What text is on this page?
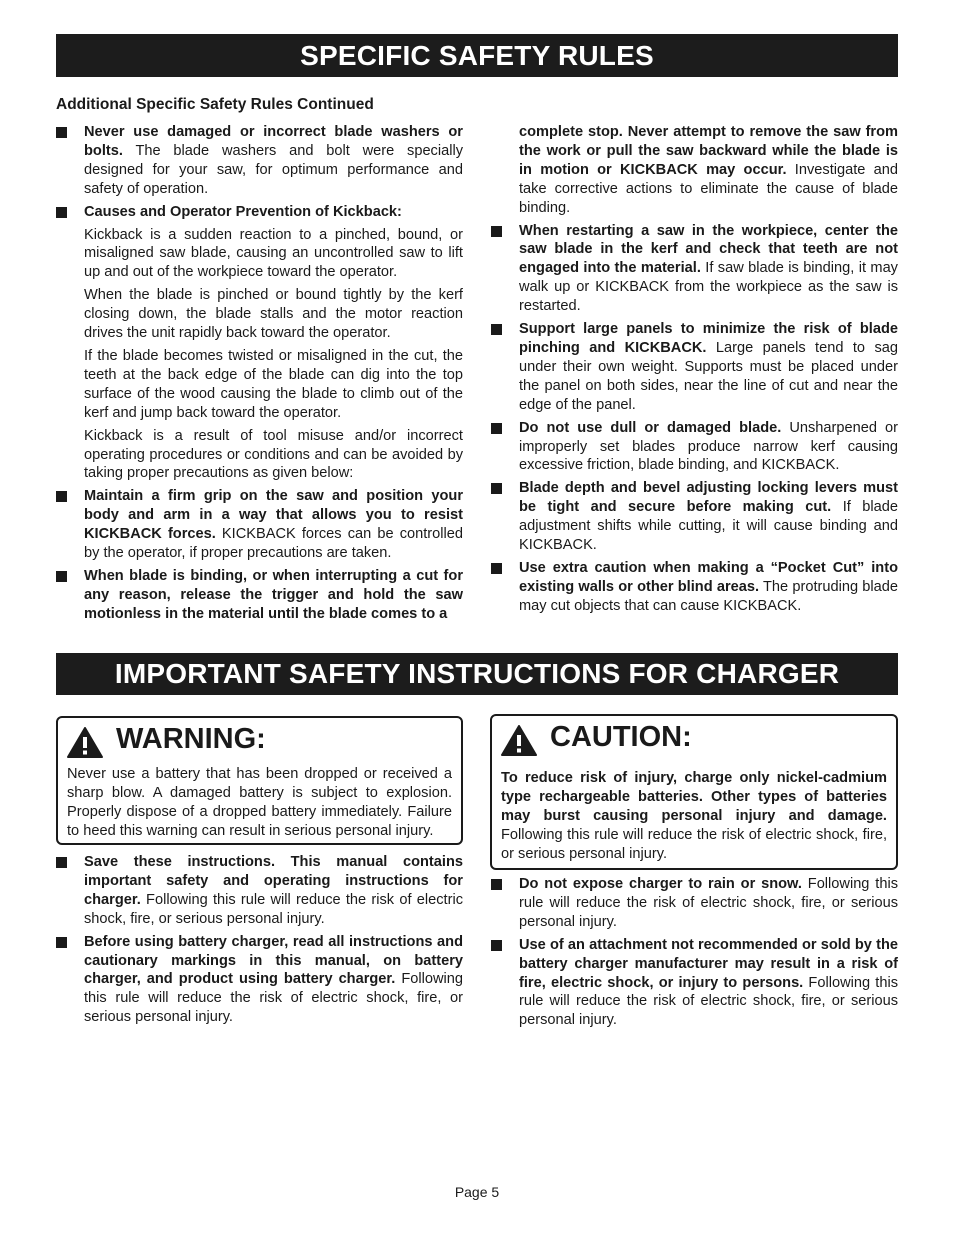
SPECIFIC SAFETY RULES
Additional Specific Safety Rules Continued
Never use damaged or incorrect blade washers or bolts. The blade washers and bolt were specially designed for your saw, for optimum performance and safety of operation.
Causes and Operator Prevention of Kickback:
Kickback is a sudden reaction to a pinched, bound, or misaligned saw blade, causing an uncontrolled saw to lift up and out of the workpiece toward the operator.
When the blade is pinched or bound tightly by the kerf closing down, the blade stalls and the motor reaction drives the unit rapidly back toward the operator.
If the blade becomes twisted or misaligned in the cut, the teeth at the back edge of the blade can dig into the top surface of the wood causing the blade to climb out of the kerf and jump back toward the operator.
Kickback is a result of tool misuse and/or incorrect operating procedures or conditions and can be avoided by taking proper precautions as given below:
Maintain a firm grip on the saw and position your body and arm in a way that allows you to resist KICKBACK forces. KICKBACK forces can be controlled by the operator, if proper precautions are taken.
When blade is binding, or when interrupting a cut for any reason, release the trigger and hold the saw motionless in the material until the blade comes to a
complete stop. Never attempt to remove the saw from the work or pull the saw backward while the blade is in motion or KICKBACK may occur. Investigate and take corrective actions to eliminate the cause of blade binding.
When restarting a saw in the workpiece, center the saw blade in the kerf and check that teeth are not engaged into the material. If saw blade is binding, it may walk up or KICKBACK from the workpiece as the saw is restarted.
Support large panels to minimize the risk of blade pinching and KICKBACK. Large panels tend to sag under their own weight. Supports must be placed under the panel on both sides, near the line of cut and near the edge of the panel.
Do not use dull or damaged blade. Unsharpened or improperly set blades produce narrow kerf causing excessive friction, blade binding, and KICKBACK.
Blade depth and bevel adjusting locking levers must be tight and secure before making cut. If blade adjustment shifts while cutting, it will cause binding and KICKBACK.
Use extra caution when making a “Pocket Cut” into existing walls or other blind areas. The protruding blade may cut objects that can cause KICKBACK.
IMPORTANT SAFETY INSTRUCTIONS FOR CHARGER
WARNING:
Never use a battery that has been dropped or received a sharp blow. A damaged battery is subject to explosion. Properly dispose of a dropped battery immediately. Failure to heed this warning can result in serious personal injury.
CAUTION:
To reduce risk of injury, charge only nickel-cadmium type rechargeable batteries. Other types of batteries may burst causing personal injury and damage. Following this rule will reduce the risk of electric shock, fire, or serious personal injury.
Save these instructions. This manual contains important safety and operating instructions for charger. Following this rule will reduce the risk of electric shock, fire, or serious personal injury.
Before using battery charger, read all instructions and cautionary markings in this manual, on battery charger, and product using battery charger. Following this rule will reduce the risk of electric shock, fire, or serious personal injury.
Do not expose charger to rain or snow. Following this rule will reduce the risk of electric shock, fire, or serious personal injury.
Use of an attachment not recommended or sold by the battery charger manufacturer may result in a risk of fire, electric shock, or injury to persons. Following this rule will reduce the risk of electric shock, fire, or serious personal injury.
Page 5
